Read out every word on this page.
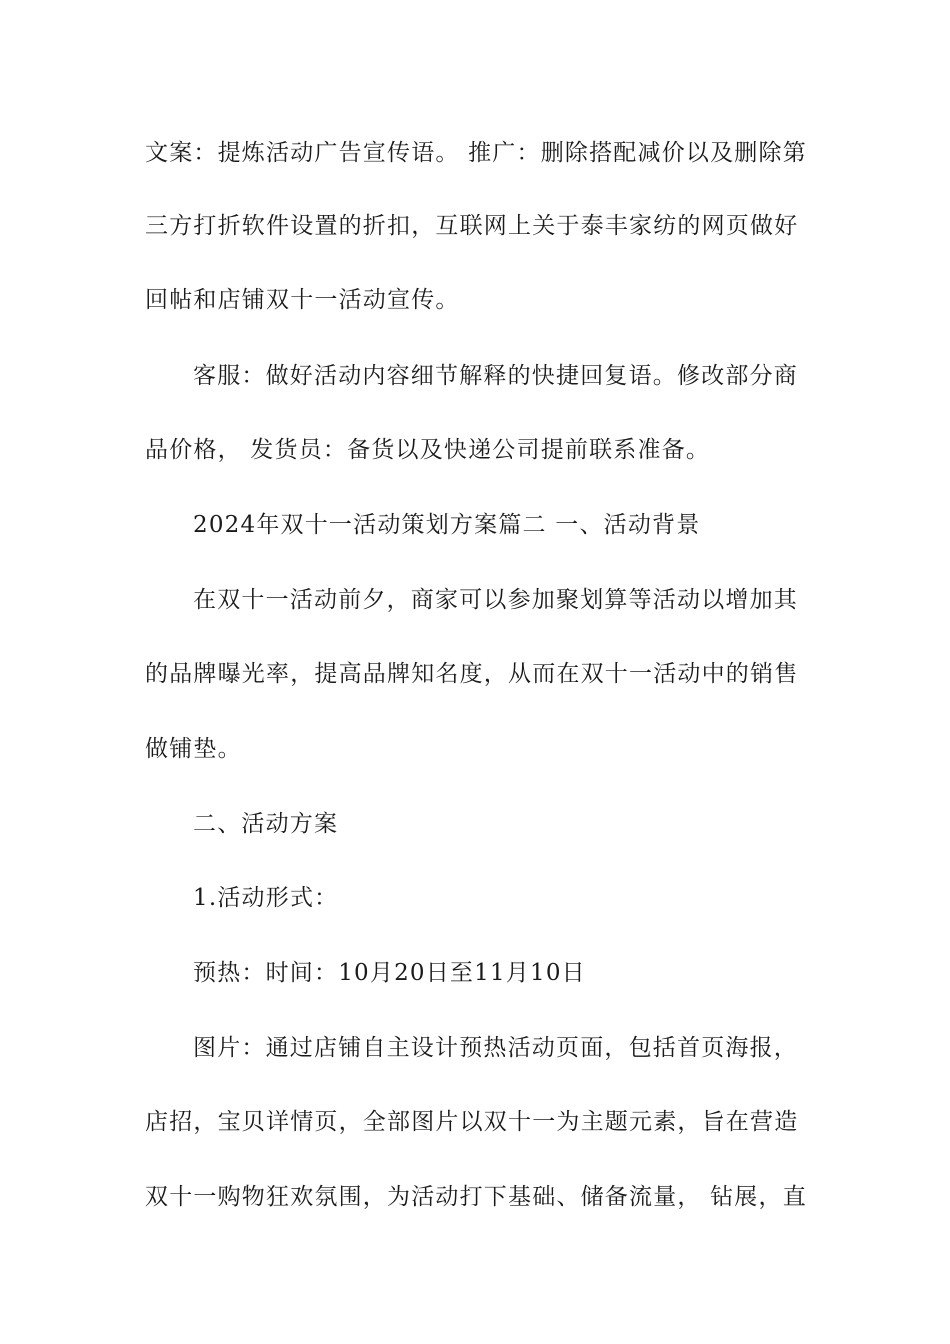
文案：提炼活动广告宣传语。 推广：删除搭配减价以及删除第
三方打折软件设置的折扣，互联网上关于泰丰家纺的网页做好
回帖和店铺双十一活动宣传。
客服：做好活动内容细节解释的快捷回复语。修改部分商
品价格， 发货员：备货以及快递公司提前联系准备。
2024年双十一活动策划方案篇二 一、活动背景
在双十一活动前夕，商家可以参加聚划算等活动以增加其
的品牌曝光率，提高品牌知名度，从而在双十一活动中的销售
做铺垫。
二、活动方案
1.活动形式：
预热：时间：10月20日至11月10日
图片：通过店铺自主设计预热活动页面，包括首页海报，
店招，宝贝详情页，全部图片以双十一为主题元素，旨在营造
双十一购物狂欢氛围，为活动打下基础、储备流量， 钻展，直
